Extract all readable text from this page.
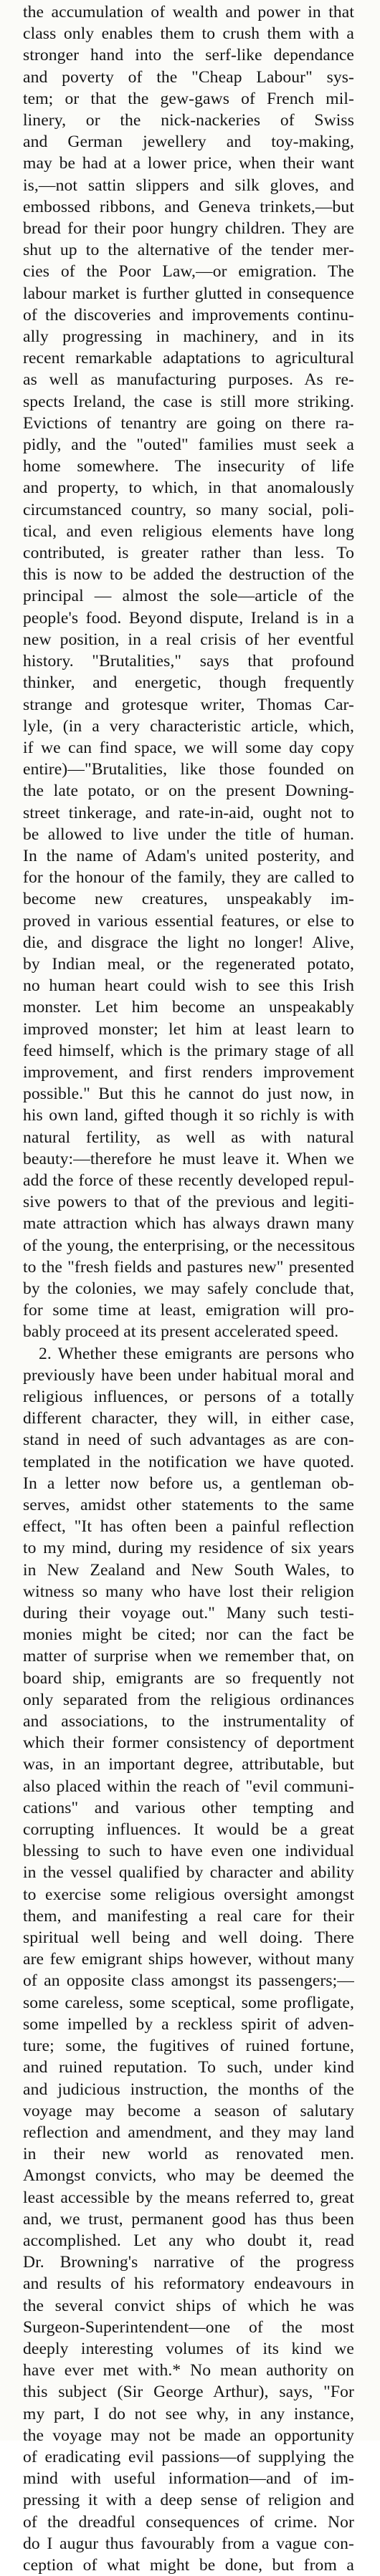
the accumulation of wealth and power in that
class only enables them to crush them with a
stronger hand into the serf-like dependance
and poverty of the "Cheap Labour" sys-
tem; or that the gew-gaws of French mil-
linery, or the nick-nackeries of Swiss
and German jewellery and toy-making,
may be had at a lower price, when their want
is,—not sattin slippers and silk gloves, and
embossed ribbons, and Geneva trinkets,—but
bread for their poor hungry children. They are
shut up to the alternative of the tender mer-
cies of the Poor Law,—or emigration. The
labour market is further glutted in consequence
of the discoveries and improvements continu-
ally progressing in machinery, and in its
recent remarkable adaptations to agricultural
as well as manufacturing purposes. As re-
spects Ireland, the case is still more striking.
Evictions of tenantry are going on there ra-
pidly, and the "outed" families must seek a
home somewhere. The insecurity of life
and property, to which, in that anomalously
circumstanced country, so many social, poli-
tical, and even religious elements have long
contributed, is greater rather than less. To
this is now to be added the destruction of the
principal — almost the sole—article of the
people's food. Beyond dispute, Ireland is in a
new position, in a real crisis of her eventful
history. "Brutalities," says that profound
thinker, and energetic, though frequently
strange and grotesque writer, Thomas Car-
lyle, (in a very characteristic article, which,
if we can find space, we will some day copy
entire)—"Brutalities, like those founded on
the late potato, or on the present Downing-
street tinkerage, and rate-in-aid, ought not to
be allowed to live under the title of human.
In the name of Adam's united posterity, and
for the honour of the family, they are called to
become new creatures, unspeakably im-
proved in various essential features, or else to
die, and disgrace the light no longer! Alive,
by Indian meal, or the regenerated potato,
no human heart could wish to see this Irish
monster. Let him become an unspeakably
improved monster; let him at least learn to
feed himself, which is the primary stage of all
improvement, and first renders improvement
possible." But this he cannot do just now, in
his own land, gifted though it so richly is with
natural fertility, as well as with natural
beauty:—therefore he must leave it. When we
add the force of these recently developed repul-
sive powers to that of the previous and legiti-
mate attraction which has always drawn many
of the young, the enterprising, or the necessitous
to the "fresh fields and pastures new" presented
by the colonies, we may safely conclude that,
for some time at least, emigration will pro-
bably proceed at its present accelerated speed.
2. Whether these emigrants are persons who
previously have been under habitual moral and
religious influences, or persons of a totally
different character, they will, in either case,
stand in need of such advantages as are con-
templated in the notification we have quoted.
In a letter now before us, a gentleman ob-
serves, amidst other statements to the same
effect, "It has often been a painful reflection
to my mind, during my residence of six years
in New Zealand and New South Wales, to
witness so many who have lost their religion
during their voyage out." Many such testi-
monies might be cited; nor can the fact be
matter of surprise when we remember that, on
board ship, emigrants are so frequently not
only separated from the religious ordinances
and associations, to the instrumentality of
which their former consistency of deportment
was, in an important degree, attributable, but
also placed within the reach of "evil communi-
cations" and various other tempting and
corrupting influences. It would be a great
blessing to such to have even one individual
in the vessel qualified by character and ability
to exercise some religious oversight amongst
them, and manifesting a real care for their
spiritual well being and well doing. There
are few emigrant ships however, without many
of an opposite class amongst its passengers;—
some careless, some sceptical, some profligate,
some impelled by a reckless spirit of adven-
ture; some, the fugitives of ruined fortune,
and ruined reputation. To such, under kind
and judicious instruction, the months of the
voyage may become a season of salutary
reflection and amendment, and they may land
in their new world as renovated men.
Amongst convicts, who may be deemed the
least accessible by the means referred to, great
and, we trust, permanent good has thus been
accomplished. Let any who doubt it, read
Dr. Browning's narrative of the progress
and results of his reformatory endeavours in
the several convict ships of which he was
Surgeon-Superintendent—one of the most
deeply interesting volumes of its kind we
have ever met with.* No mean authority on
this subject (Sir George Arthur), says, "For
my part, I do not see why, in any instance,
the voyage may not be made an opportunity
of eradicating evil passions—of supplying the
mind with useful information—and of im-
pressing it with a deep sense of religion and
of the dreadful consequences of crime. Nor
do I augur thus favourably from a vague con-
ception of what might be done, but from a
